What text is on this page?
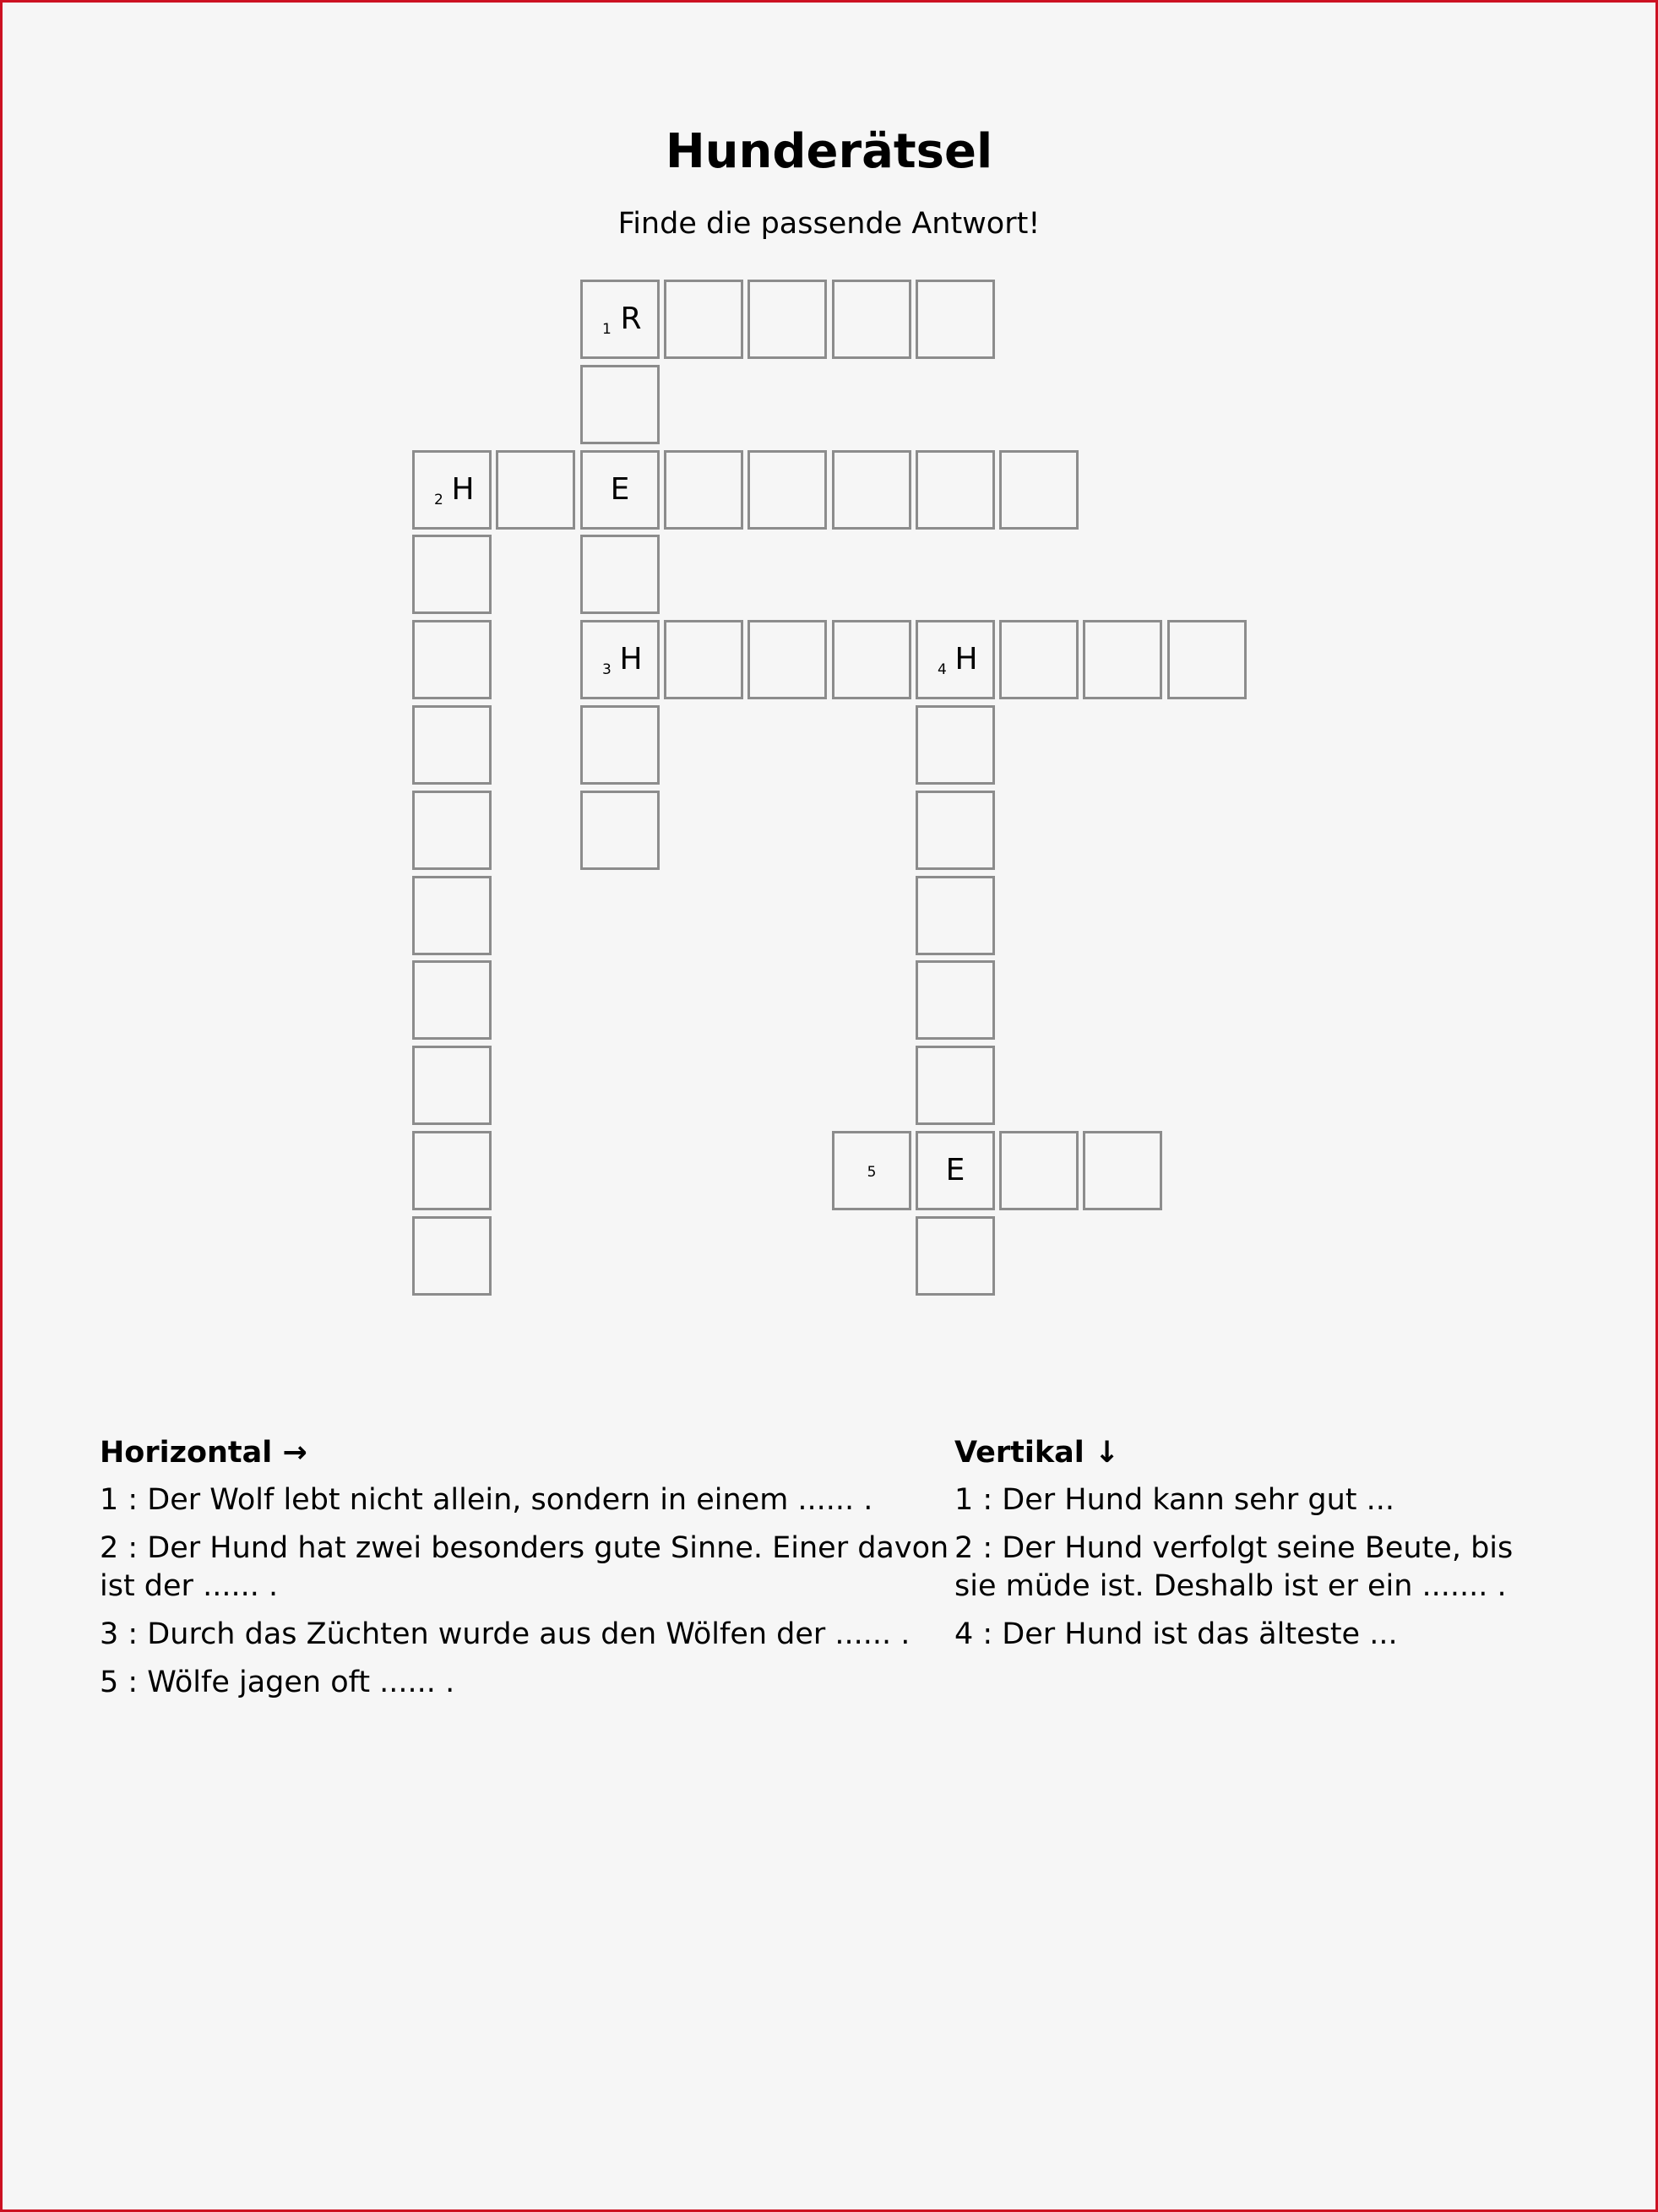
Hunderätsel

Finde die passende Antwort!

1 R
2 H	E
3 H	4 H
5	E
Horizontal →

1 : Der Wolf lebt nicht allein, sondern in einem ...... .

2 : Der Hund hat zwei besonders gute Sinne. Einer davon ist der ...... .

3 : Durch das Züchten wurde aus den Wölfen der ...... .

5 : Wölfe jagen oft ...... .

Vertikal ↓

1 : Der Hund kann sehr gut ...

2 : Der Hund verfolgt seine Beute, bis sie müde ist. Deshalb ist er ein ....... .

4 : Der Hund ist das älteste ...
